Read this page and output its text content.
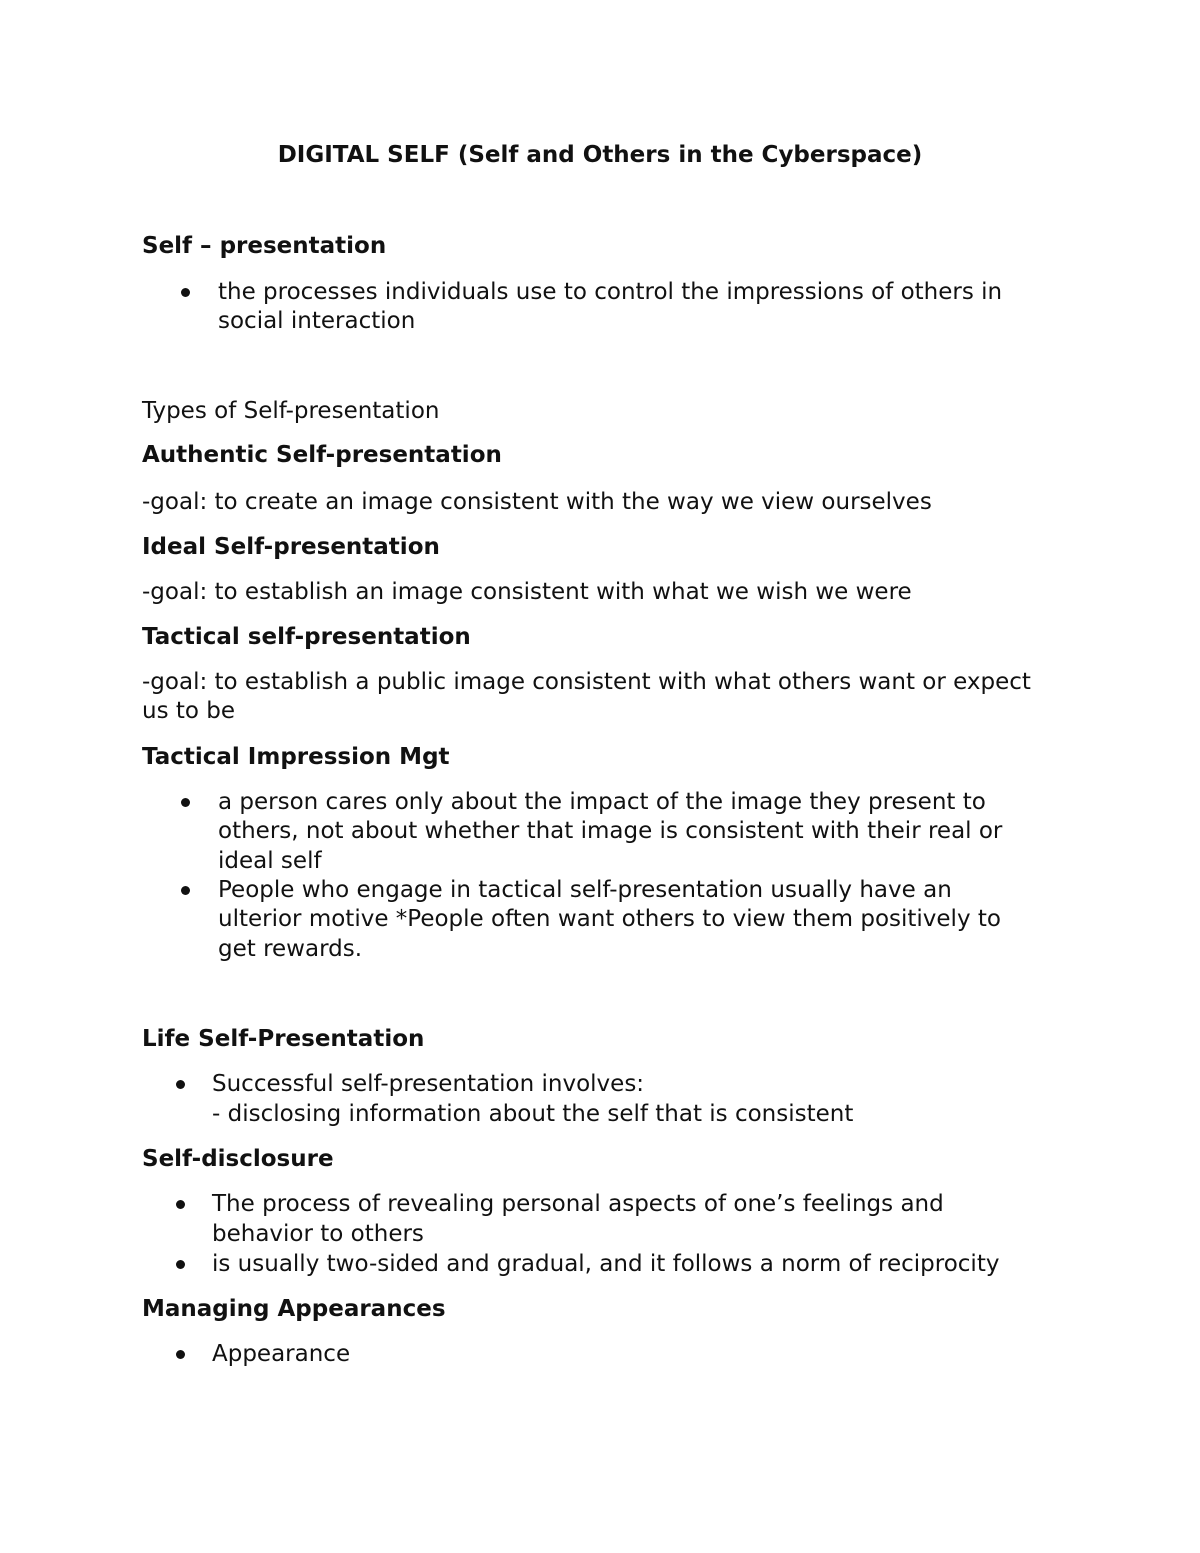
DIGITAL SELF (Self and Others in the Cyberspace)

Self – presentation

the processes individuals use to control the impressions of others in

social interaction

Types of Self-presentation

Authentic Self-presentation

-goal: to create an image consistent with the way we view ourselves

Ideal Self-presentation

-goal: to establish an image consistent with what we wish we were

Tactical self-presentation

-goal: to establish a public image consistent with what others want or expect

us to be

Tactical Impression Mgt

a person cares only about the impact of the image they present to

others, not about whether that image is consistent with their real or

ideal self

People who engage in tactical self-presentation usually have an

ulterior motive *People often want others to view them positively to

get rewards.

Life Self-Presentation

Successful self-presentation involves:

- disclosing information about the self that is consistent

Self-disclosure

The process of revealing personal aspects of one’s feelings and

behavior to others

is usually two-sided and gradual, and it follows a norm of reciprocity

Managing Appearances

Appearance
